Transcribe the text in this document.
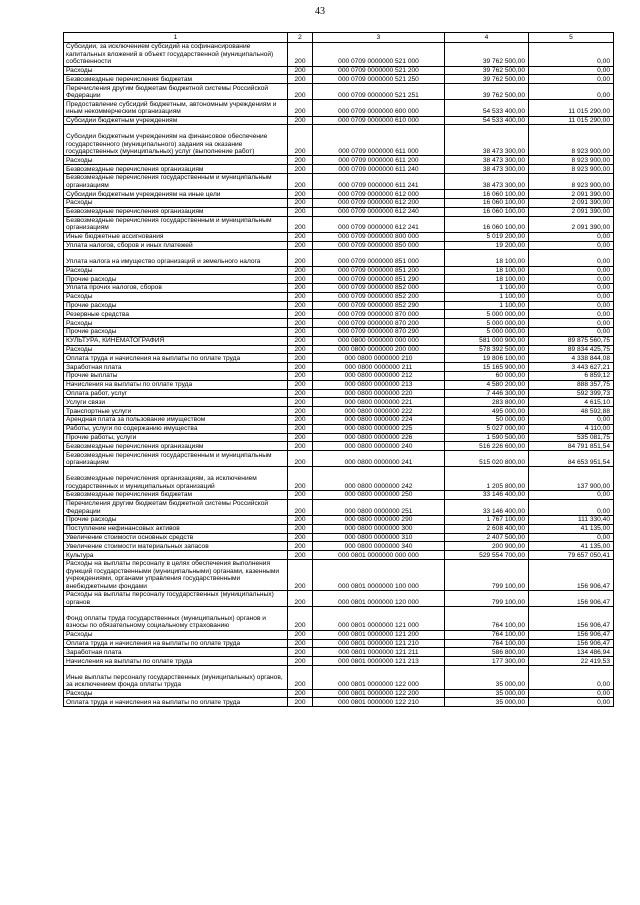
43
1	2	3	4	5
Субсидии, за исключением субсидий на софинансирование капитальных вложений в объект государственной (муниципальной) собственности	200	000 0709 0000000 521 000	39 762 500,00	0,00
Расходы	200	000 0709 0000000 521 200	39 762 500,00	0,00
Безвозмездные перечисления бюджетам	200	000 0709 0000000 521 250	39 762 500,00	0,00
Перечисления другим бюджетам бюджетной системы Российской Федерации	200	000 0709 0000000 521 251	39 762 500,00	0,00
Предоставление субсидий бюджетным, автономным учреждениям и иным некоммерческим организациям	200	000 0709 0000000 600 000	54 533 400,00	11 015 290,00
Субсидии бюджетным учреждениям	200	000 0709 0000000 610 000	54 533 400,00	11 015 290,00
Субсидии бюджетным учреждениям на финансовое обеспечение государственного (муниципального) задания на оказание государственных (муниципальных) услуг (выполнение работ)	200	000 0709 0000000 611 000	38 473 300,00	8 923 900,00
Расходы	200	000 0709 0000000 611 200	38 473 300,00	8 923 900,00
Безвозмездные перечисления организациям	200	000 0709 0000000 611 240	38 473 300,00	8 923 900,00
Безвозмездные перечисления государственным и муниципальным организациям	200	000 0709 0000000 611 241	38 473 300,00	8 923 900,00
Субсидии бюджетным учреждениям на иные цели	200	000 0709 0000000 612 000	16 060 100,00	2 091 390,00
Расходы	200	000 0709 0000000 612 200	16 060 100,00	2 091 390,00
Безвозмездные перечисления организациям	200	000 0709 0000000 612 240	16 060 100,00	2 091 390,00
Безвозмездные перечисления государственным и муниципальным организациям	200	000 0709 0000000 612 241	16 060 100,00	2 091 390,00
Иные бюджетные ассигнования	200	000 0709 0000000 800 000	5 019 200,00	0,00
Уплата налогов, сборов и иных платежей	200	000 0709 0000000 850 000	19 200,00	0,00
Уплата налога на имущество организаций и земельного налога	200	000 0709 0000000 851 000	18 100,00	0,00
Расходы	200	000 0709 0000000 851 200	18 100,00	0,00
Прочие расходы	200	000 0709 0000000 851 290	18 100,00	0,00
Уплата прочих налогов, сборов	200	000 0709 0000000 852 000	1 100,00	0,00
Расходы	200	000 0709 0000000 852 200	1 100,00	0,00
Прочие расходы	200	000 0709 0000000 852 290	1 100,00	0,00
Резервные средства	200	000 0709 0000000 870 000	5 000 000,00	0,00
Расходы	200	000 0709 0000000 870 200	5 000 000,00	0,00
Прочие расходы	200	000 0709 0000000 870 290	5 000 000,00	0,00
КУЛЬТУРА, КИНЕМАТОГРАФИЯ	200	000 0800 0000000 000 000	581 000 900,00	89 875 560,75
Расходы	200	000 0800 0000000 200 000	578 392 500,00	89 834 425,75
Оплата труда и начисления на выплаты по оплате труда	200	000 0800 0000000 210	19 806 100,00	4 338 844,08
Заработная плата	200	000 0800 0000000 211	15 165 900,00	3 443 627,21
Прочие выплаты	200	000 0800 0000000 212	60 000,00	6 859,12
Начисления на выплаты по оплате труда	200	000 0800 0000000 213	4 580 200,00	888 357,75
Оплата работ, услуг	200	000 0800 0000000 220	7 446 300,00	592 399,73
Услуги связи	200	000 0800 0000000 221	283 800,00	4 615,10
Транспортные услуги	200	000 0800 0000000 222	495 000,00	48 592,88
Арендная плата за пользование имуществом	200	000 0800 0000000 224	50 000,00	0,00
Работы, услуги по содержанию имущества	200	000 0800 0000000 225	5 027 000,00	4 110,00
Прочие работы, услуги	200	000 0800 0000000 226	1 590 500,00	535 081,75
Безвозмездные перечисления организациям	200	000 0800 0000000 240	516 226 600,00	84 791 851,54
Безвозмездные перечисления государственным и муниципальным организациям	200	000 0800 0000000 241	515 020 800,00	84 653 951,54
Безвозмездные перечисления организациям, за исключением государственных и муниципальных организаций	200	000 0800 0000000 242	1 205 800,00	137 900,00
Безвозмездные перечисления бюджетам	200	000 0800 0000000 250	33 146 400,00	0,00
Перечисления другим бюджетам бюджетной системы Российской Федерации	200	000 0800 0000000 251	33 146 400,00	0,00
Прочие расходы	200	000 0800 0000000 290	1 767 100,00	111 330,40
Поступление нефинансовых активов	200	000 0800 0000000 300	2 608 400,00	41 135,00
Увеличение стоимости основных средств	200	000 0800 0000000 310	2 407 500,00	0,00
Увеличение стоимости материальных запасов	200	000 0800 0000000 340	200 900,00	41 135,00
Культура	200	000 0801 0000000 000 000	529 554 700,00	79 657 050,41
Расходы на выплаты персоналу в целях обеспечения выполнения функций государственными (муниципальными) органами, казенными учреждениями, органами управления государственными внебюджетными фондами	200	000 0801 0000000 100 000	799 100,00	156 906,47
Расходы на выплаты персоналу государственных (муниципальных) органов	200	000 0801 0000000 120 000	799 100,00	156 906,47
Фонд оплаты труда государственных (муниципальных) органов и взносы по обязательному социальному страхованию	200	000 0801 0000000 121 000	764 100,00	156 906,47
Расходы	200	000 0801 0000000 121 200	764 100,00	156 906,47
Оплата труда и начисления на выплаты по оплате труда	200	000 0801 0000000 121 210	764 100,00	156 906,47
Заработная плата	200	000 0801 0000000 121 211	586 800,00	134 486,94
Начисления на выплаты по оплате труда	200	000 0801 0000000 121 213	177 300,00	22 419,53
Иные выплаты персоналу государственных (муниципальных) органов, за исключением фонда оплаты труда	200	000 0801 0000000 122 000	35 000,00	0,00
Расходы	200	000 0801 0000000 122 200	35 000,00	0,00
Оплата труда и начисления на выплаты по оплате труда	200	000 0801 0000000 122 210	35 000,00	0,00
